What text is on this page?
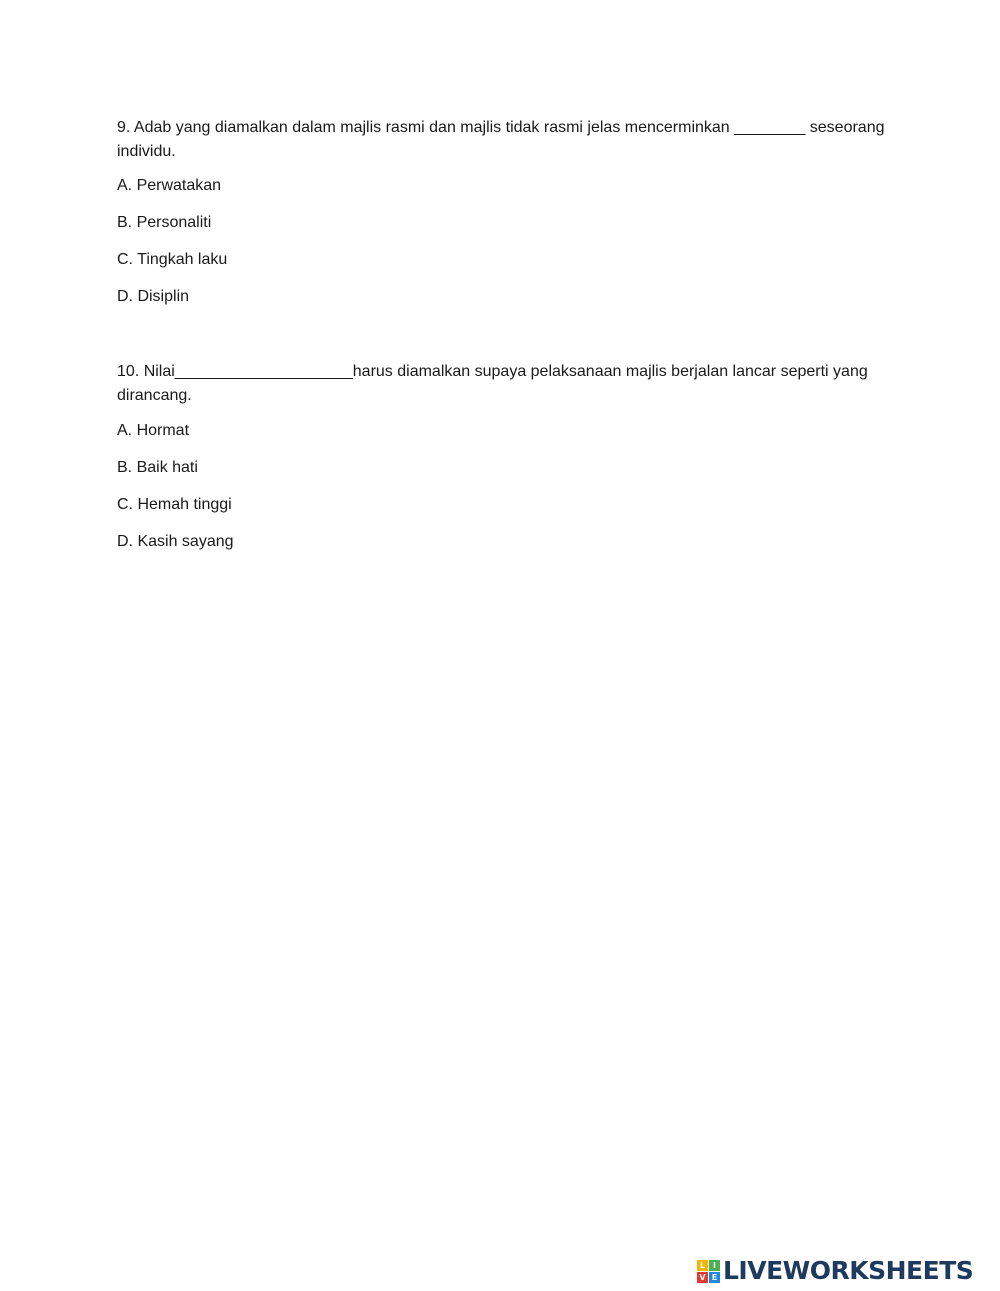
9. Adab yang diamalkan dalam majlis rasmi dan majlis tidak rasmi jelas mencerminkan ________ seseorang individu.

A. Perwatakan

B. Personaliti

C. Tingkah laku

D. Disiplin

10. Nilai____________________harus diamalkan supaya pelaksanaan majlis berjalan lancar seperti yang dirancang.

A. Hormat

B. Baik hati

C. Hemah tinggi

D. Kasih sayang

L I
V E LIVEWORKSHEETS
